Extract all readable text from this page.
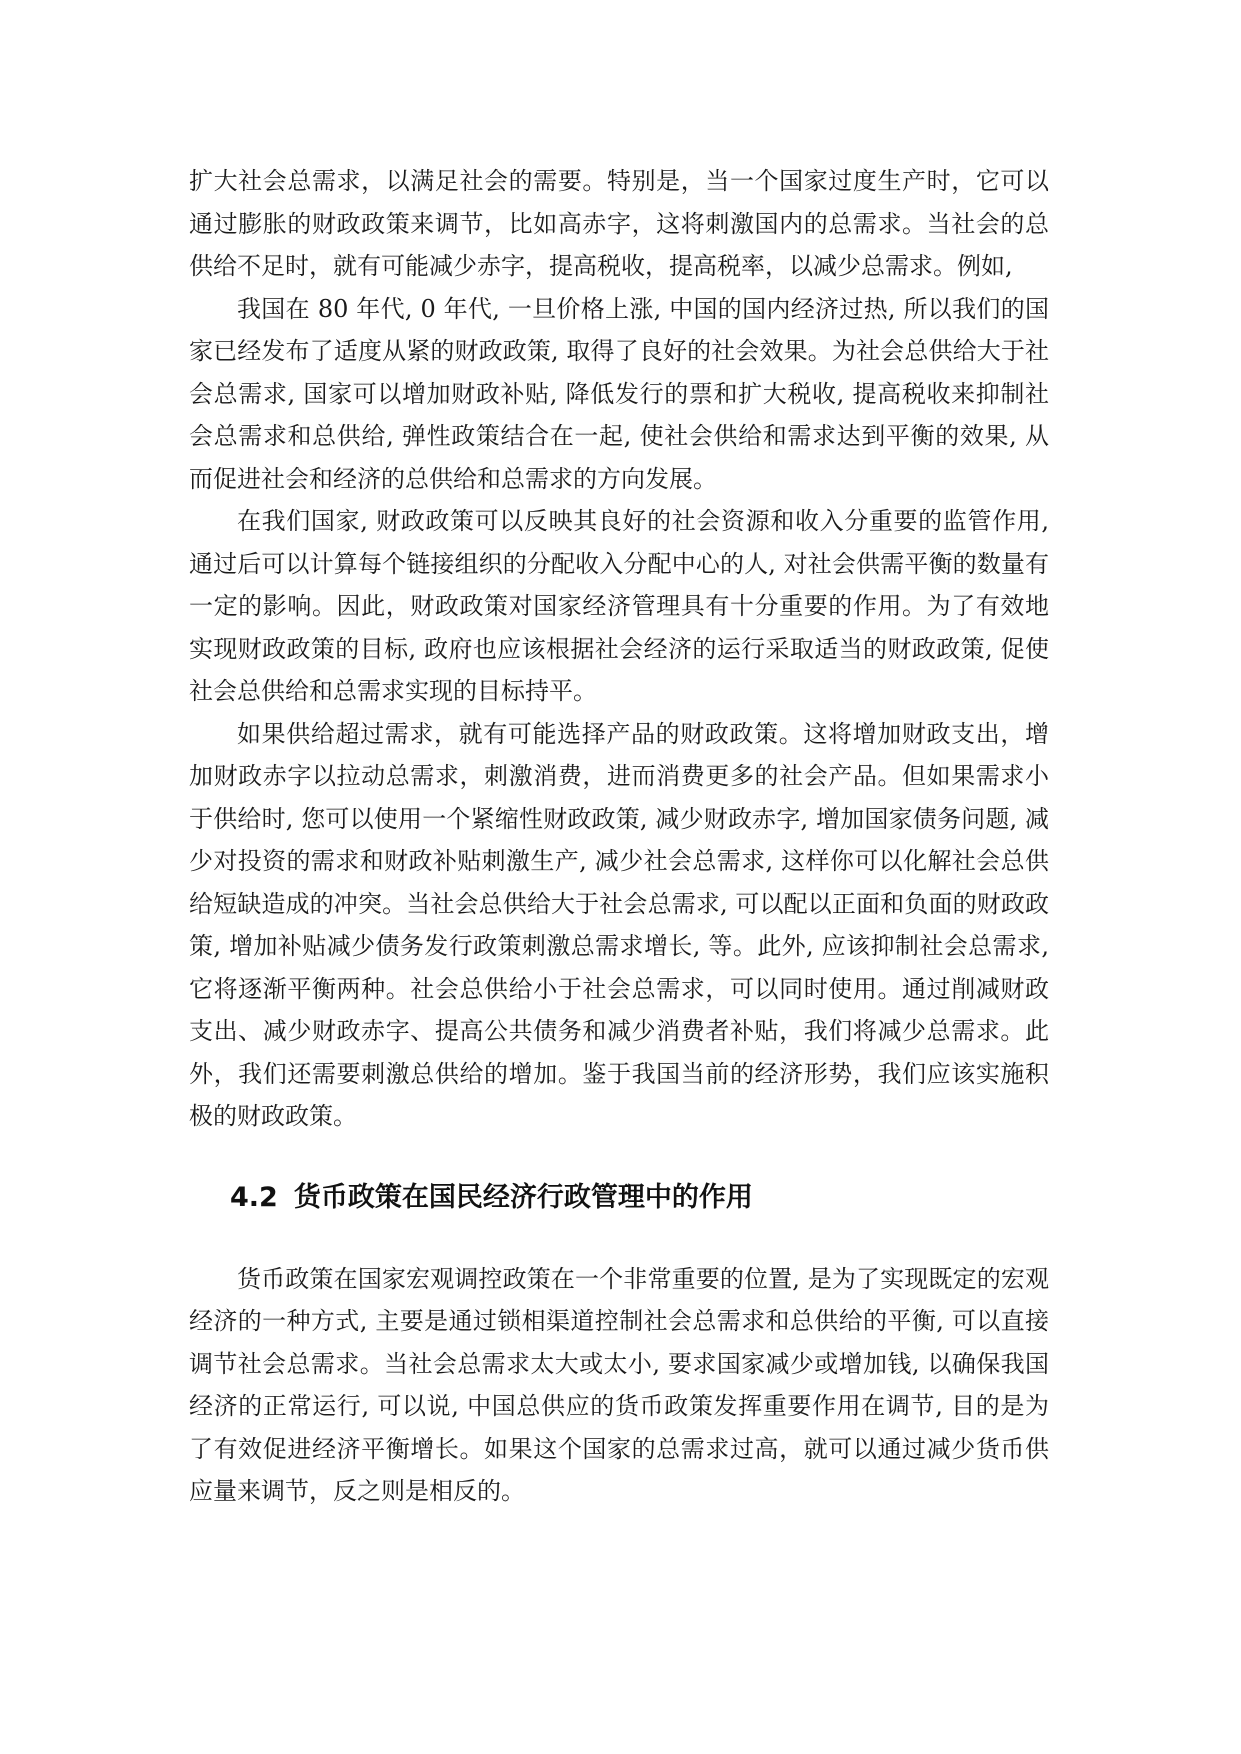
扩大社会总需求，以满足社会的需要。特别是，当一个国家过度生产时，它可以通过膨胀的财政政策来调节，比如高赤字，这将刺激国内的总需求。当社会的总供给不足时，就有可能减少赤字，提高税收，提高税率，以减少总需求。例如,

我国在 80 年代, 0 年代, 一旦价格上涨, 中国的国内经济过热, 所以我们的国家已经发布了适度从紧的财政政策, 取得了良好的社会效果。为社会总供给大于社会总需求, 国家可以增加财政补贴, 降低发行的票和扩大税收, 提高税收来抑制社会总需求和总供给, 弹性政策结合在一起, 使社会供给和需求达到平衡的效果, 从而促进社会和经济的总供给和总需求的方向发展。

在我们国家, 财政政策可以反映其良好的社会资源和收入分重要的监管作用, 通过后可以计算每个链接组织的分配收入分配中心的人, 对社会供需平衡的数量有一定的影响。因此，财政政策对国家经济管理具有十分重要的作用。为了有效地实现财政政策的目标, 政府也应该根据社会经济的运行采取适当的财政政策, 促使社会总供给和总需求实现的目标持平。

如果供给超过需求，就有可能选择产品的财政政策。这将增加财政支出，增加财政赤字以拉动总需求，刺激消费，进而消费更多的社会产品。但如果需求小于供给时, 您可以使用一个紧缩性财政政策, 减少财政赤字, 增加国家债务问题, 减少对投资的需求和财政补贴刺激生产, 减少社会总需求, 这样你可以化解社会总供给短缺造成的冲突。当社会总供给大于社会总需求, 可以配以正面和负面的财政政策, 增加补贴减少债务发行政策刺激总需求增长, 等。此外, 应该抑制社会总需求, 它将逐渐平衡两种。社会总供给小于社会总需求，可以同时使用。通过削减财政支出、减少财政赤字、提高公共债务和减少消费者补贴，我们将减少总需求。此外，我们还需要刺激总供给的增加。鉴于我国当前的经济形势，我们应该实施积极的财政政策。

4.2 货币政策在国民经济行政管理中的作用

货币政策在国家宏观调控政策在一个非常重要的位置, 是为了实现既定的宏观经济的一种方式, 主要是通过锁相渠道控制社会总需求和总供给的平衡, 可以直接调节社会总需求。当社会总需求太大或太小, 要求国家减少或增加钱, 以确保我国经济的正常运行, 可以说, 中国总供应的货币政策发挥重要作用在调节, 目的是为了有效促进经济平衡增长。如果这个国家的总需求过高，就可以通过减少货币供应量来调节，反之则是相反的。
